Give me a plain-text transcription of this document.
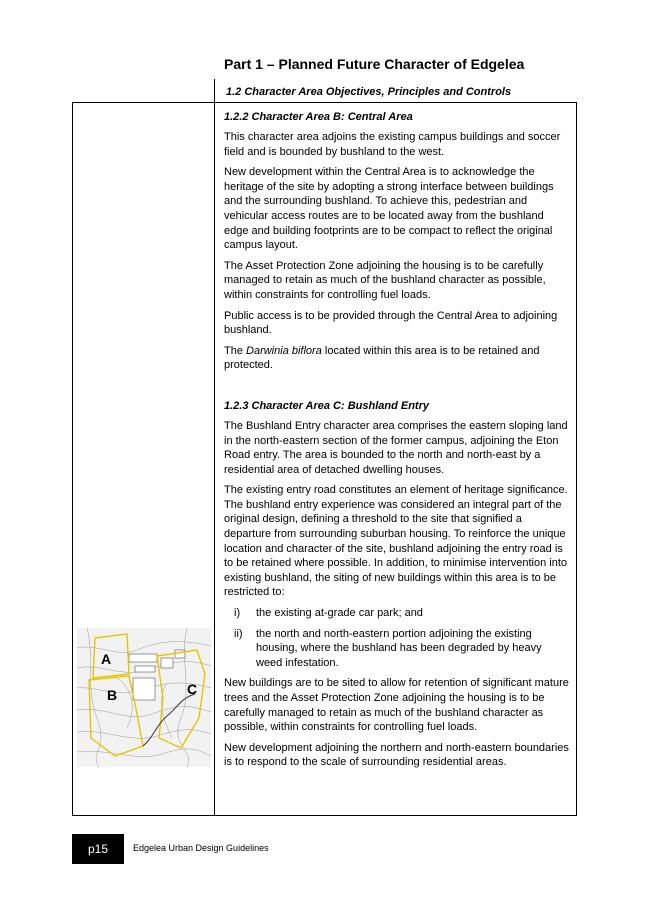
Part 1 – Planned Future Character of Edgelea
1.2 Character Area Objectives, Principles and Controls
A
B	C
1.2.2 Character Area B: Central Area

This character area adjoins the existing campus buildings and soccer field and is bounded by bushland to the west.

New development within the Central Area is to acknowledge the heritage of the site by adopting a strong interface between buildings and the surrounding bushland. To achieve this, pedestrian and vehicular access routes are to be located away from the bushland edge and building footprints are to be compact to reflect the original campus layout.

The Asset Protection Zone adjoining the housing is to be carefully managed to retain as much of the bushland character as possible, within constraints for controlling fuel loads.

Public access is to be provided through the Central Area to adjoining bushland.

The Darwinia biflora located within this area is to be retained and protected.

1.2.3 Character Area C: Bushland Entry

The Bushland Entry character area comprises the eastern sloping land in the north-eastern section of the former campus, adjoining the Eton Road entry. The area is bounded to the north and north-east by a residential area of detached dwelling houses.

The existing entry road constitutes an element of heritage significance. The bushland entry experience was considered an integral part of the original design, defining a threshold to the site that signified a departure from surrounding suburban housing. To reinforce the unique location and character of the site, bushland adjoining the entry road is to be retained where possible. In addition, to minimise intervention into existing bushland, the siting of new buildings within this area is to be restricted to:

i) the existing at-grade car park; and
ii) the north and north-eastern portion adjoining the existing housing, where the bushland has been degraded by heavy weed infestation.

New buildings are to be sited to allow for retention of significant mature trees and the Asset Protection Zone adjoining the housing is to be carefully managed to retain as much of the bushland character as possible, within constraints for controlling fuel loads.

New development adjoining the northern and north-eastern boundaries is to respond to the scale of surrounding residential areas.

p15	Edgelea Urban Design Guidelines
